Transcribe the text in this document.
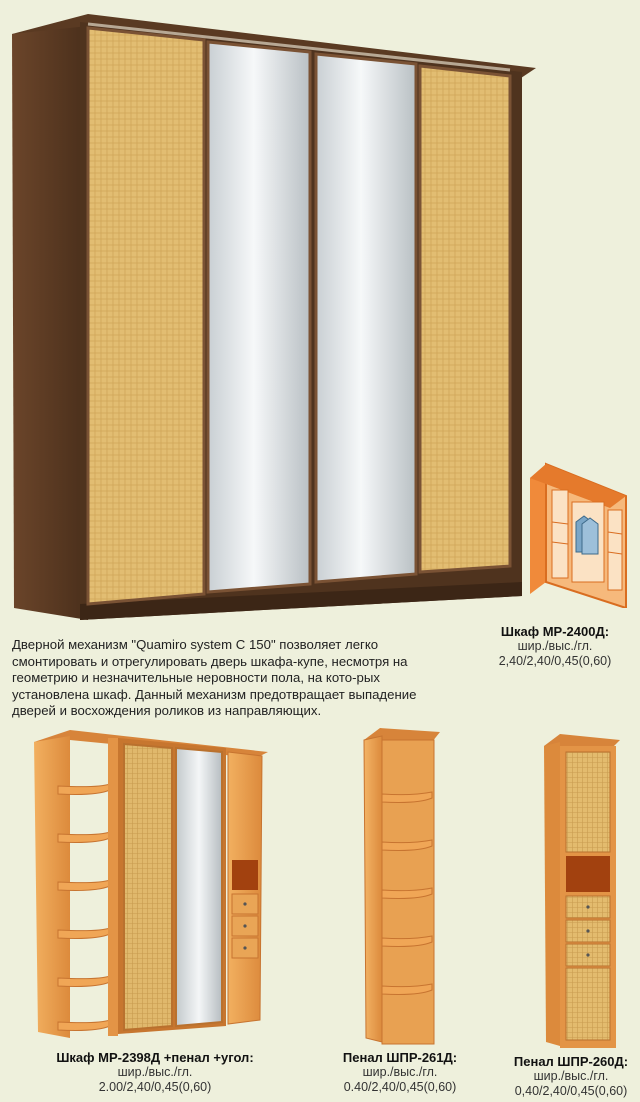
Дверной механизм "Quamiro system C 150" позволяет легко смонтировать и отрегулировать дверь шкафа-купе, несмотря на геометрию и незначительные неровности пола, на кото-рых установлена шкаф. Данный механизм предотвращает выпадение дверей и восхождения роликов из направляющих.
Шкаф МР-2400Д:
шир./выс./гл.
2,40/2,40/0,45(0,60)
Шкаф МР-2398Д +пенал +угол:
шир./выс./гл.
2.00/2,40/0,45(0,60)
Пенал ШПР-261Д:
шир./выс./гл.
0.40/2,40/0,45(0,60)
Пенал ШПР-260Д:
шир./выс./гл.
0,40/2,40/0,45(0,60)
